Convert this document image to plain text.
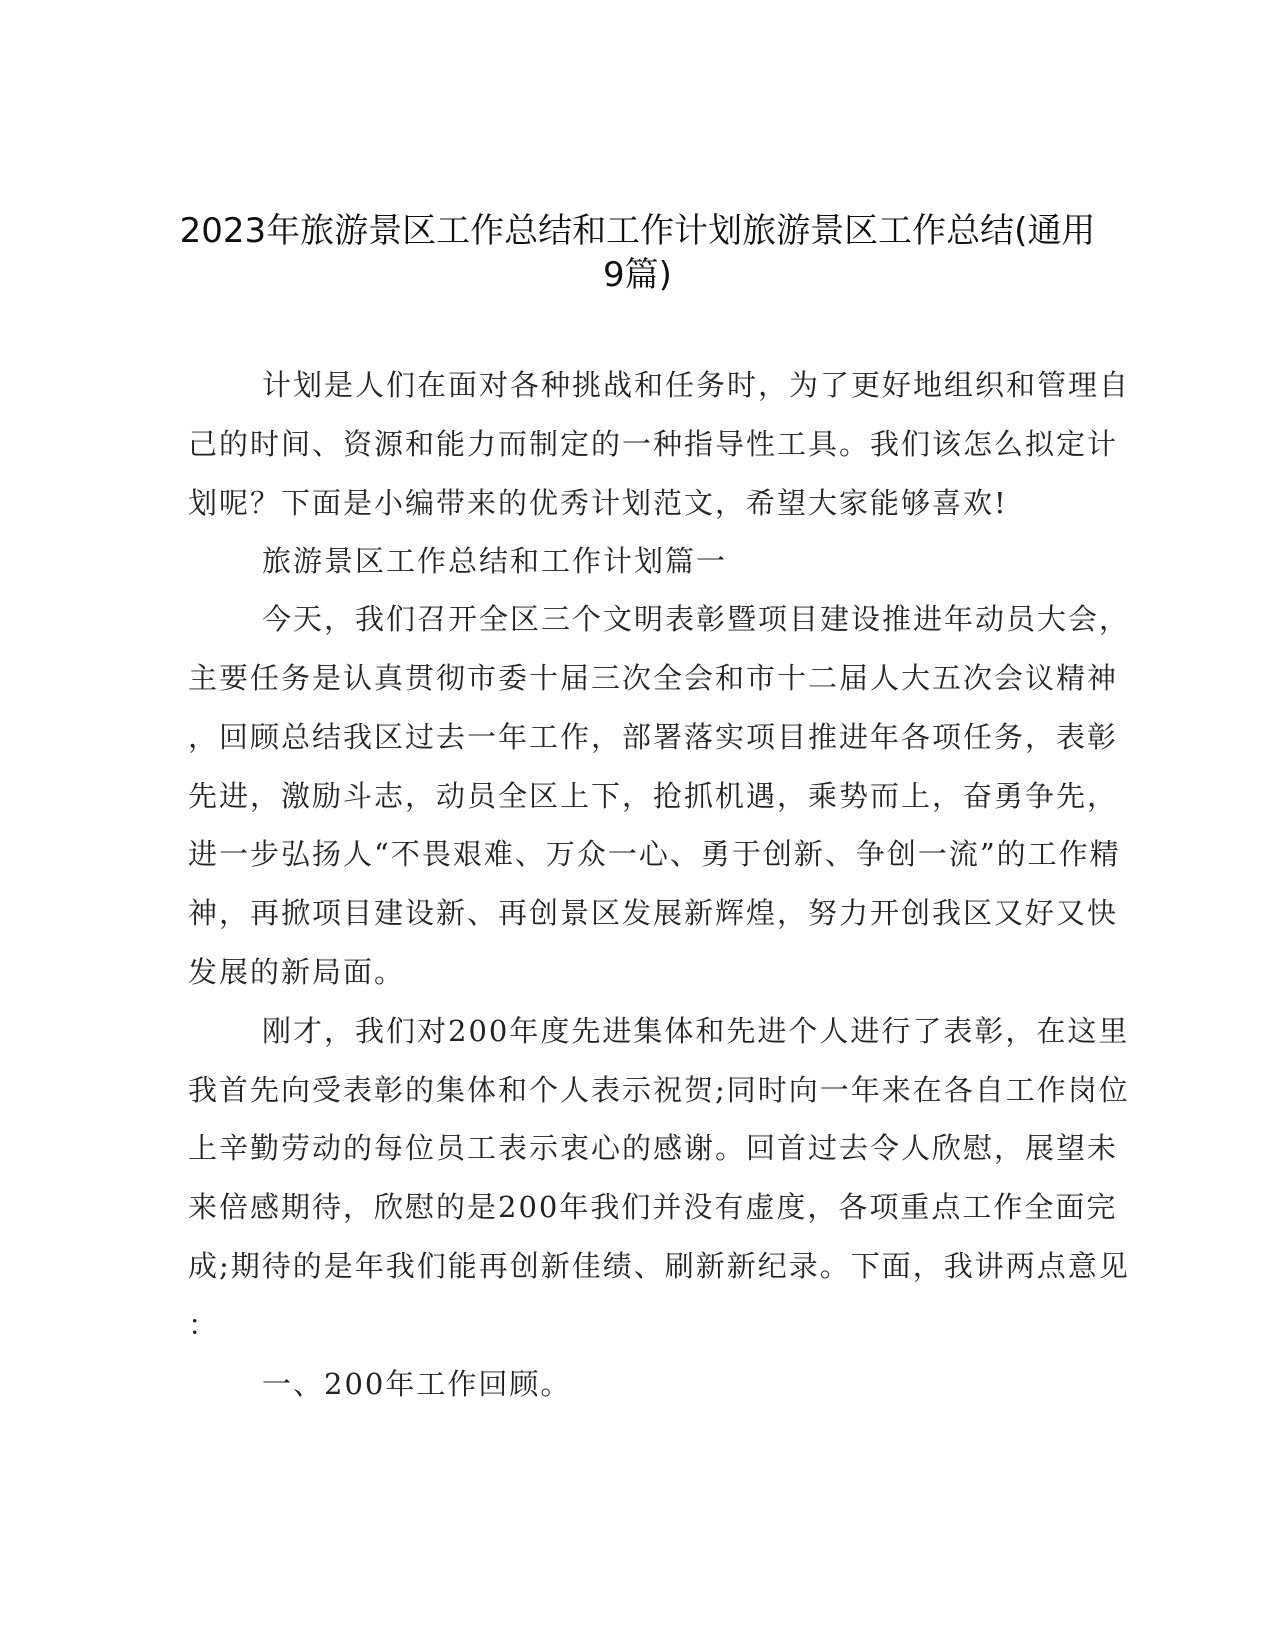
2023年旅游景区工作总结和工作计划旅游景区工作总结(通用
9篇)
计划是人们在面对各种挑战和任务时，为了更好地组织和管理自
己的时间、资源和能力而制定的一种指导性工具。我们该怎么拟定计
划呢？下面是小编带来的优秀计划范文，希望大家能够喜欢!
旅游景区工作总结和工作计划篇一
今天，我们召开全区三个文明表彰暨项目建设推进年动员大会，
主要任务是认真贯彻市委十届三次全会和市十二届人大五次会议精神
，回顾总结我区过去一年工作，部署落实项目推进年各项任务，表彰
先进，激励斗志，动员全区上下，抢抓机遇，乘势而上，奋勇争先，
进一步弘扬人“不畏艰难、万众一心、勇于创新、争创一流”的工作精
神，再掀项目建设新、再创景区发展新辉煌，努力开创我区又好又快
发展的新局面。
刚才，我们对200年度先进集体和先进个人进行了表彰，在这里
我首先向受表彰的集体和个人表示祝贺;同时向一年来在各自工作岗位
上辛勤劳动的每位员工表示衷心的感谢。回首过去令人欣慰，展望未
来倍感期待，欣慰的是200年我们并没有虚度，各项重点工作全面完
成;期待的是年我们能再创新佳绩、刷新新纪录。下面，我讲两点意见
：
一、200年工作回顾。
